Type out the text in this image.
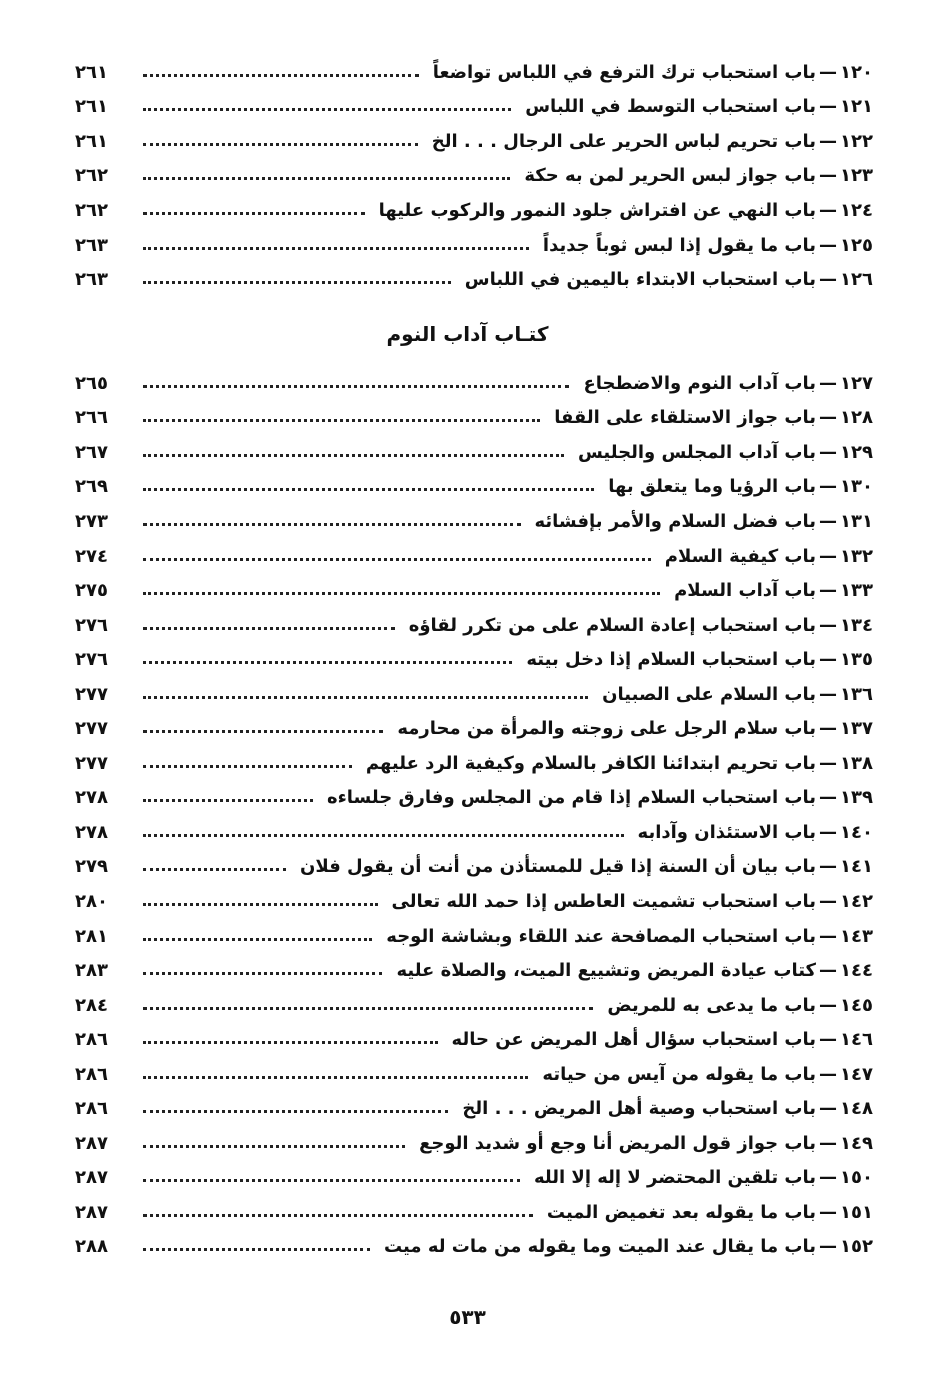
١٢٠
—
باب استحباب ترك الترفع في اللباس تواضعاً
٢٦١
١٢١
—
باب استحباب التوسط في اللباس
٢٦١
١٢٢
—
باب تحريم لباس الحرير على الرجال . . . الخ
٢٦١
١٢٣
—
باب جواز لبس الحرير لمن به حكة
٢٦٢
١٢٤
—
باب النهي عن افتراش جلود النمور والركوب عليها
٢٦٢
١٢٥
—
باب ما يقول إذا لبس ثوباً جديداً
٢٦٣
١٢٦
—
باب استحباب الابتداء باليمين في اللباس
٢٦٣
كتـاب آداب النوم
١٢٧
—
باب آداب النوم والاضطجاع
٢٦٥
١٢٨
—
باب جواز الاستلقاء على القفا
٢٦٦
١٢٩
—
باب آداب المجلس والجليس
٢٦٧
١٣٠
—
باب الرؤيا وما يتعلق بها
٢٦٩
١٣١
—
باب فضل السلام والأمر بإفشائه
٢٧٣
١٣٢
—
باب كيفية السلام
٢٧٤
١٣٣
—
باب آداب السلام
٢٧٥
١٣٤
—
باب استحباب إعادة السلام على من تكرر لقاؤه
٢٧٦
١٣٥
—
باب استحباب السلام إذا دخل بيته
٢٧٦
١٣٦
—
باب السلام على الصبيان
٢٧٧
١٣٧
—
باب سلام الرجل على زوجته والمرأة من محارمه
٢٧٧
١٣٨
—
باب تحريم ابتدائنا الكافر بالسلام وكيفية الرد عليهم
٢٧٧
١٣٩
—
باب استحباب السلام إذا قام من المجلس وفارق جلساءه
٢٧٨
١٤٠
—
باب الاستئذان وآدابه
٢٧٨
١٤١
—
باب بيان أن السنة إذا قيل للمستأذن من أنت أن يقول فلان
٢٧٩
١٤٢
—
باب استحباب تشميت العاطس إذا حمد الله تعالى
٢٨٠
١٤٣
—
باب استحباب المصافحة عند اللقاء وبشاشة الوجه
٢٨١
١٤٤
—
كتاب عيادة المريض وتشييع الميت، والصلاة عليه
٢٨٣
١٤٥
—
باب ما يدعى به للمريض
٢٨٤
١٤٦
—
باب استحباب سؤال أهل المريض عن حاله
٢٨٦
١٤٧
—
باب ما يقوله من آيس من حياته
٢٨٦
١٤٨
—
باب استحباب وصية أهل المريض . . . الخ
٢٨٦
١٤٩
—
باب جواز قول المريض أنا وجع أو شديد الوجع
٢٨٧
١٥٠
—
باب تلقين المحتضر لا إله إلا الله
٢٨٧
١٥١
—
باب ما يقوله بعد تغميض الميت
٢٨٧
١٥٢
—
باب ما يقال عند الميت وما يقوله من مات له ميت
٢٨٨
٥٣٣
